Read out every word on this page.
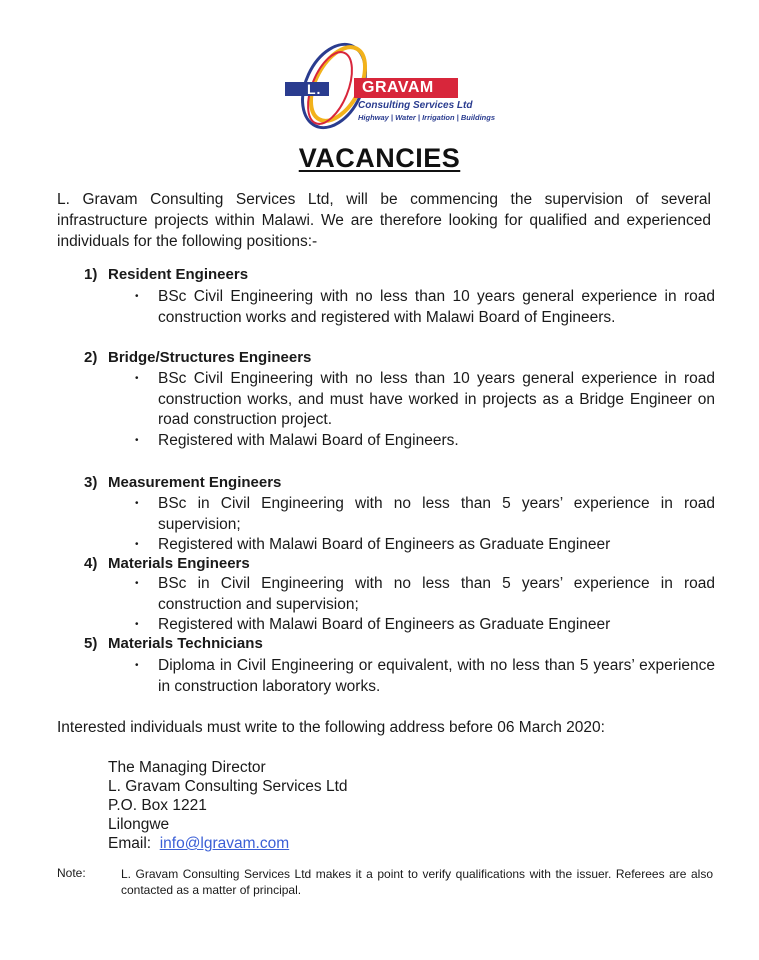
L.	GRAVAM
Consulting Services Ltd
Highway | Water | Irrigation | Buildings
VACANCIES
L. Gravam Consulting Services Ltd, will be commencing the supervision of several infrastructure projects within Malawi. We are therefore looking for qualified and experienced individuals for the following positions:-
1) Resident Engineers
• BSc Civil Engineering with no less than 10 years general experience in road construction works and registered with Malawi Board of Engineers.
2) Bridge/Structures Engineers
• BSc Civil Engineering with no less than 10 years general experience in road construction works, and must have worked in projects as a Bridge Engineer on road construction project.
• Registered with Malawi Board of Engineers.
3) Measurement Engineers
• BSc in Civil Engineering with no less than 5 years’ experience in road supervision;
• Registered with Malawi Board of Engineers as Graduate Engineer
4) Materials Engineers
• BSc in Civil Engineering with no less than 5 years’ experience in road construction and supervision;
• Registered with Malawi Board of Engineers as Graduate Engineer
5) Materials Technicians
• Diploma in Civil Engineering or equivalent, with no less than 5 years’ experience in construction laboratory works.
Interested individuals must write to the following address before 06 March 2020:
The Managing Director
L. Gravam Consulting Services Ltd
P.O. Box 1221
Lilongwe
Email: info@lgravam.com
Note:	L. Gravam Consulting Services Ltd makes it a point to verify qualifications with the issuer. Referees are also contacted as a matter of principal.
